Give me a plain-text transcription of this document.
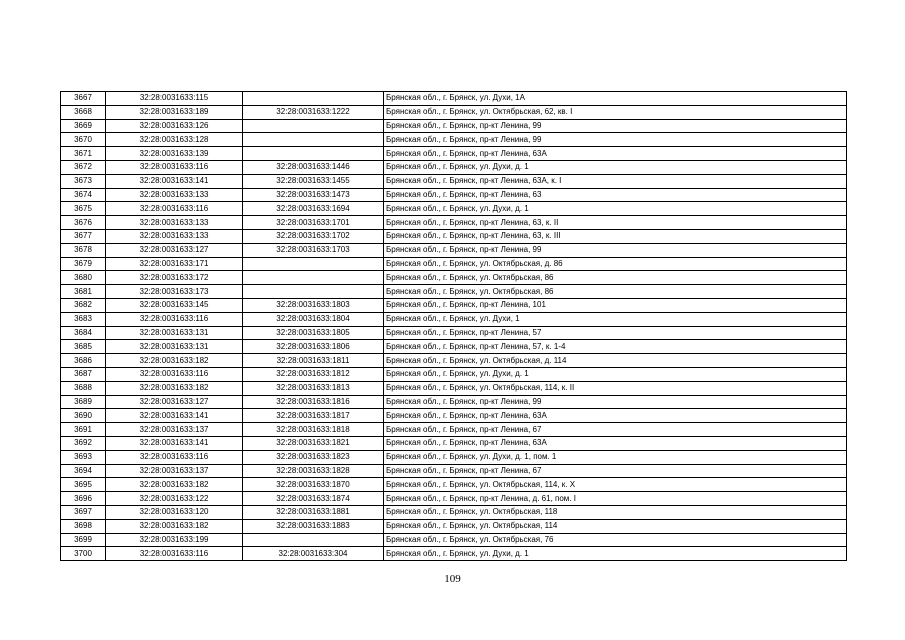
3667	32:28:0031633:115		Брянская обл., г. Брянск, ул. Духи, 1А
3668	32:28:0031633:189	32:28:0031633:1222	Брянская обл., г. Брянск, ул. Октябрьская, 62, кв. I
3669	32:28:0031633:126		Брянская обл., г. Брянск, пр-кт Ленина, 99
3670	32:28:0031633:128		Брянская обл., г. Брянск, пр-кт Ленина, 99
3671	32:28:0031633:139		Брянская обл., г. Брянск, пр-кт Ленина, 63А
3672	32:28:0031633:116	32:28:0031633:1446	Брянская обл., г. Брянск, ул. Духи, д. 1
3673	32:28:0031633:141	32:28:0031633:1455	Брянская обл., г. Брянск, пр-кт Ленина, 63А, к. I
3674	32:28:0031633:133	32:28:0031633:1473	Брянская обл., г. Брянск, пр-кт Ленина, 63
3675	32:28:0031633:116	32:28:0031633:1694	Брянская обл., г. Брянск, ул. Духи, д. 1
3676	32:28:0031633:133	32:28:0031633:1701	Брянская обл., г. Брянск, пр-кт Ленина, 63, к. II
3677	32:28:0031633:133	32:28:0031633:1702	Брянская обл., г. Брянск, пр-кт Ленина, 63, к. III
3678	32:28:0031633:127	32:28:0031633:1703	Брянская обл., г. Брянск, пр-кт Ленина, 99
3679	32:28:0031633:171		Брянская обл., г. Брянск, ул. Октябрьская, д. 86
3680	32:28:0031633:172		Брянская обл., г. Брянск, ул. Октябрьская, 86
3681	32:28:0031633:173		Брянская обл., г. Брянск, ул. Октябрьская, 86
3682	32:28:0031633:145	32:28:0031633:1803	Брянская обл., г. Брянск, пр-кт Ленина, 101
3683	32:28:0031633:116	32:28:0031633:1804	Брянская обл., г. Брянск, ул. Духи, 1
3684	32:28:0031633:131	32:28:0031633:1805	Брянская обл., г. Брянск, пр-кт Ленина, 57
3685	32:28:0031633:131	32:28:0031633:1806	Брянская обл., г. Брянск, пр-кт Ленина, 57, к. 1-4
3686	32:28:0031633:182	32:28:0031633:1811	Брянская обл., г. Брянск, ул. Октябрьская, д. 114
3687	32:28:0031633:116	32:28:0031633:1812	Брянская обл., г. Брянск, ул. Духи, д. 1
3688	32:28:0031633:182	32:28:0031633:1813	Брянская обл., г. Брянск, ул. Октябрьская, 114, к. II
3689	32:28:0031633:127	32:28:0031633:1816	Брянская обл., г. Брянск, пр-кт Ленина, 99
3690	32:28:0031633:141	32:28:0031633:1817	Брянская обл., г. Брянск, пр-кт Ленина, 63А
3691	32:28:0031633:137	32:28:0031633:1818	Брянская обл., г. Брянск, пр-кт Ленина, 67
3692	32:28:0031633:141	32:28:0031633:1821	Брянская обл., г. Брянск, пр-кт Ленина, 63А
3693	32:28:0031633:116	32:28:0031633:1823	Брянская обл., г. Брянск, ул. Духи, д. 1, пом. 1
3694	32:28:0031633:137	32:28:0031633:1828	Брянская обл., г. Брянск, пр-кт Ленина, 67
3695	32:28:0031633:182	32:28:0031633:1870	Брянская обл., г. Брянск, ул. Октябрьская, 114, к. Х
3696	32:28:0031633:122	32:28:0031633:1874	Брянская обл., г. Брянск, пр-кт Ленина, д. 61, пом. I
3697	32:28:0031633:120	32:28:0031633:1881	Брянская обл., г. Брянск, ул. Октябрьская, 118
3698	32:28:0031633:182	32:28:0031633:1883	Брянская обл., г. Брянск, ул. Октябрьская, 114
3699	32:28:0031633:199		Брянская обл., г. Брянск, ул. Октябрьская, 76
3700	32:28:0031633:116	32:28:0031633:304	Брянская обл., г. Брянск, ул. Духи, д. 1
109
